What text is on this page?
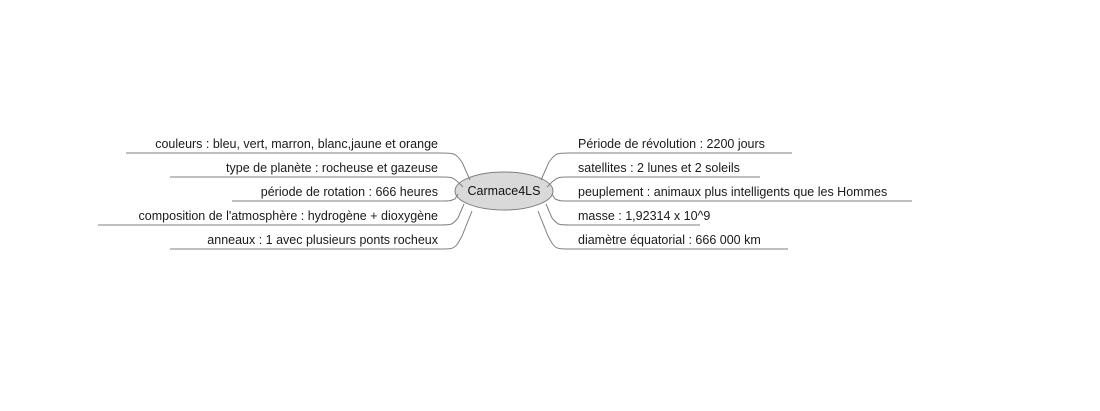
Carmace4LS
couleurs : bleu, vert, marron, blanc,jaune et orange
type de planète : rocheuse et gazeuse
période de rotation : 666 heures
composition de l'atmosphère : hydrogène + dioxygène
anneaux : 1 avec plusieurs ponts rocheux
Période de révolution : 2200 jours
satellites : 2 lunes et 2 soleils
peuplement : animaux plus intelligents que les Hommes
masse : 1,92314 x 10^9
diamètre équatorial : 666 000 km
